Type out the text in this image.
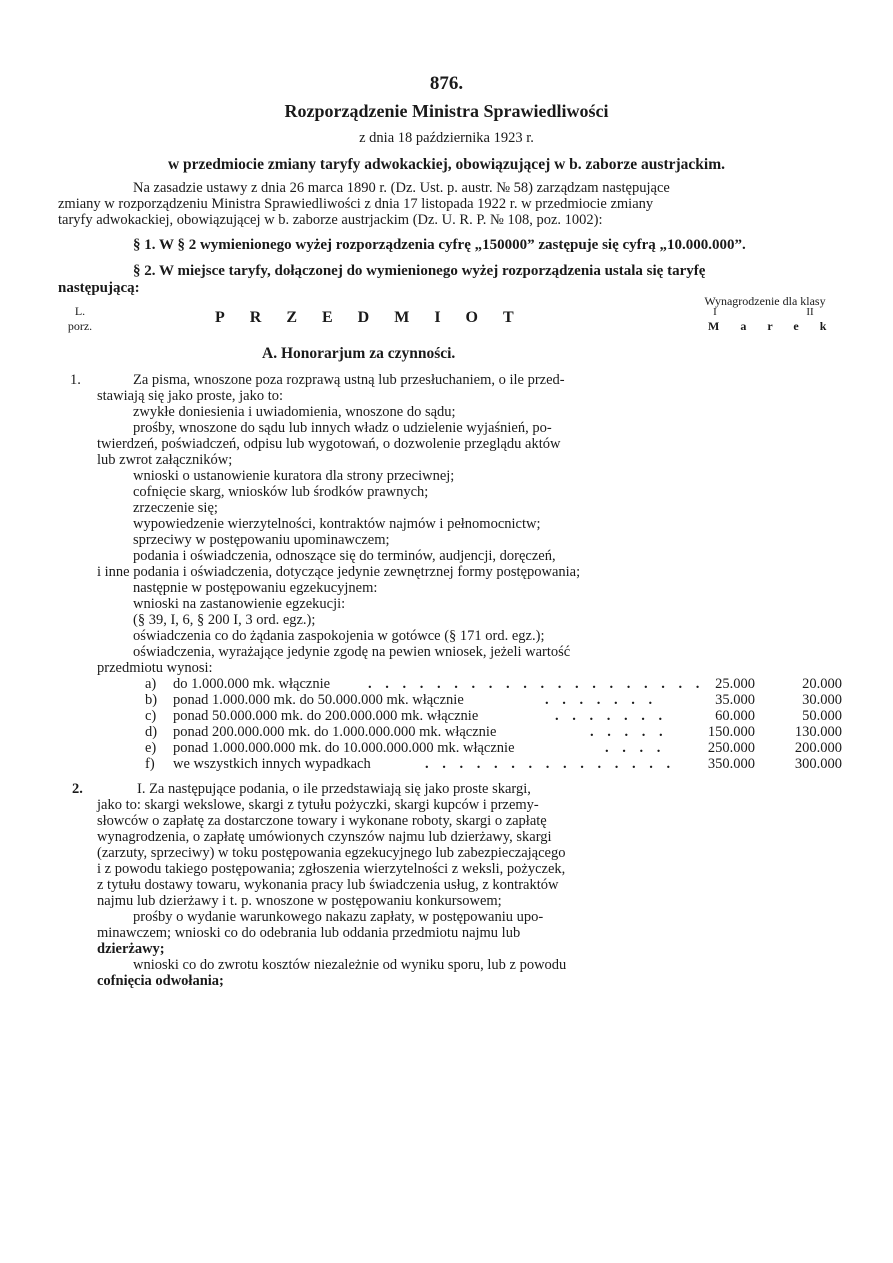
876.
Rozporządzenie Ministra Sprawiedliwości
z dnia 18 października 1923 r.
w przedmiocie zmiany taryfy adwokackiej, obowiązującej w b. zaborze austrjackim.
Na zasadzie ustawy z dnia 26 marca 1890 r. (Dz. Ust. p. austr. № 58) zarządzam następujące
zmiany w rozporządzeniu Ministra Sprawiedliwości z dnia 17 listopada 1922 r. w przedmiocie zmiany
taryfy adwokackiej, obowiązującej w b. zaborze austrjackim (Dz. U. R. P. № 108, poz. 1002):
§ 1. W § 2 wymienionego wyżej rozporządzenia cyfrę „150000” zastępuje się cyfrą „10.000.000”.
§ 2. W miejsce taryfy, dołączonej do wymienionego wyżej rozporządzenia ustala się taryfę
następującą:
L.
porz.	PRZEDMIOT
Wynagrodzenie dla klasy
I	II
Marek
A. Honorarjum za czynności.
1.	Za pisma, wnoszone poza rozprawą ustną lub przesłuchaniem, o ile przed-
stawiają się jako proste, jako to:
zwykłe doniesienia i uwiadomienia, wnoszone do sądu;
prośby, wnoszone do sądu lub innych władz o udzielenie wyjaśnień, po-
twierdzeń, poświadczeń, odpisu lub wygotowań, o dozwolenie przeglądu aktów
lub zwrot załączników;
wnioski o ustanowienie kuratora dla strony przeciwnej;
cofnięcie skarg, wniosków lub środków prawnych;
zrzeczenie się;
wypowiedzenie wierzytelności, kontraktów najmów i pełnomocnictw;
sprzeciwy w postępowaniu upominawczem;
podania i oświadczenia, odnoszące się do terminów, audjencji, doręczeń,
i inne podania i oświadczenia, dotyczące jedynie zewnętrznej formy postępowania;
następnie w postępowaniu egzekucyjnem:
wnioski na zastanowienie egzekucji:
(§ 39, I, 6, § 200 I, 3 ord. egz.);
oświadczenia co do żądania zaspokojenia w gotówce (§ 171 ord. egz.);
oświadczenia, wyrażające jedynie zgodę na pewien wniosek, jeżeli wartość
przedmiotu wynosi:
a) do 1.000.000 mk. włącznie	. . . . . . . . . . . . . . . . . . . . 25.000	20.000
b) ponad 1.000.000 mk. do 50.000.000 mk. włącznie	. . . . . . .	35.000	30.000
c) ponad 50.000.000 mk. do 200.000.000 mk. włącznie	. . . . . . .	60.000	50.000
d) ponad 200.000.000 mk. do 1.000.000.000 mk. włącznie	. . . . .	150.000	130.000
e) ponad 1.000.000.000 mk. do 10.000.000.000 mk. włącznie	. . . .	250.000	200.000
f) we wszystkich innych wypadkach	. . . . . . . . . . . . . . .	350.000	300.000
2.	I. Za następujące podania, o ile przedstawiają się jako proste skargi,
jako to: skargi wekslowe, skargi z tytułu pożyczki, skargi kupców i przemy-
słowców o zapłatę za dostarczone towary i wykonane roboty, skargi o zapłatę
wynagrodzenia, o zapłatę umówionych czynszów najmu lub dzierżawy, skargi
(zarzuty, sprzeciwy) w toku postępowania egzekucyjnego lub zabezpieczającego
i z powodu takiego postępowania; zgłoszenia wierzytelności z weksli, pożyczek,
z tytułu dostawy towaru, wykonania pracy lub świadczenia usług, z kontraktów
najmu lub dzierżawy i t. p. wnoszone w postępowaniu konkursowem;
prośby o wydanie warunkowego nakazu zapłaty, w postępowaniu upo-
minawczem; wnioski co do odebrania lub oddania przedmiotu najmu lub
dzierżawy;
wnioski co do zwrotu kosztów niezależnie od wyniku sporu, lub z powodu
cofnięcia odwołania;
